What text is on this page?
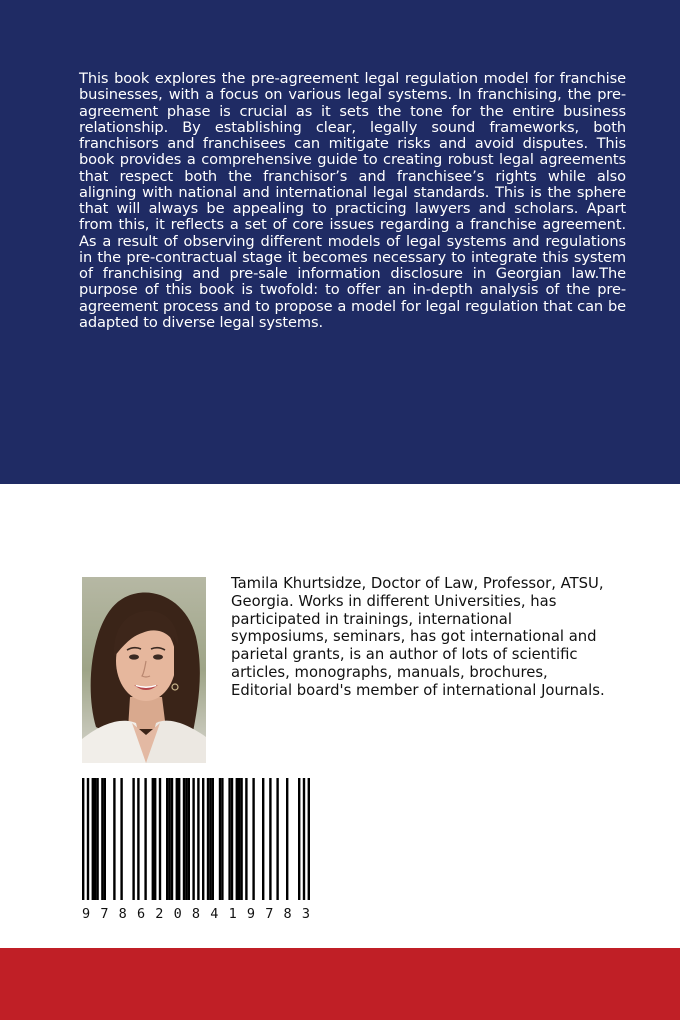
This book explores the pre-agreement legal regulation model for franchise businesses, with a focus on various legal systems. In franchising, the pre-agreement phase is crucial as it sets the tone for the entire business relationship. By establishing clear, legally sound frameworks, both franchisors and franchisees can mitigate risks and avoid disputes. This book provides a comprehensive guide to creating robust legal agreements that respect both the franchisor’s and franchisee’s rights while also aligning with national and international legal standards. This is the sphere that will always be appealing to practicing lawyers and scholars. Apart from this, it reflects a set of core issues regarding a franchise agreement. As a result of observing different models of legal systems and regulations in the pre-contractual stage it becomes necessary to integrate this system of franchising and pre-sale information disclosure in Georgian law.The purpose of this book is twofold: to offer an in-depth analysis of the pre-agreement process and to propose a model for legal regulation that can be adapted to diverse legal systems.

Tamila Khurtsidze, Doctor of Law, Professor, ATSU, Georgia. Works in different Universities, has participated in trainings, international symposiums, seminars, has got international and parietal grants, is an author of lots of scientific articles, monographs, manuals, brochures, Editorial board's member of international Journals.

9786208419783
